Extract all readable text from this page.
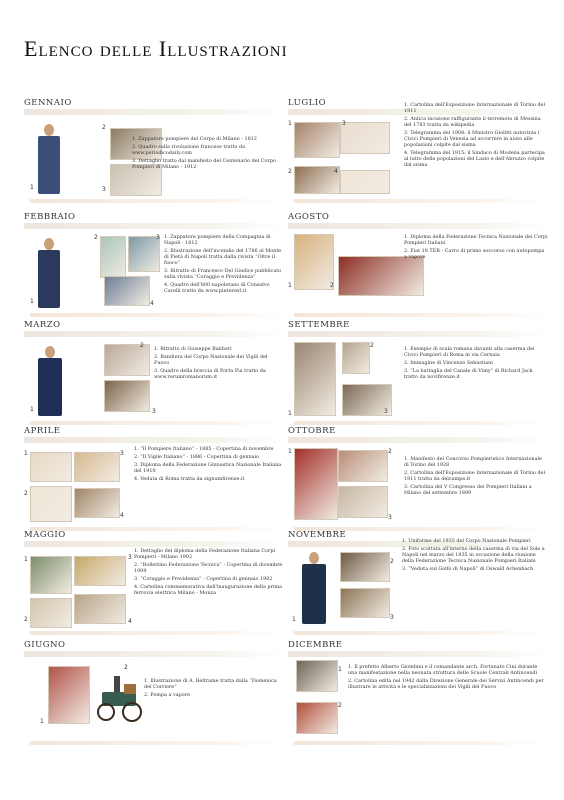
Elenco delle Illustrazioni
GENNAIO
1
2
3

1. Zappatore pompiere del Corpo di Milano - 1812

2. Quadro sulla rivoluzione francese tratto da www.periodicodaily.com

3. Dettaglio tratto dal manifesto del Centenario del Corpo Pompieri di Milano - 1912

LUGLIO
1	3
2	4

1. Cartolina dell'Esposizione Internazionale di Torino del 1911

2. Antica incisione raffigurante il terremoto di Messina del 1783 tratta da wikipedia

3. Telegramma del 1908: il Ministro Giolitti autorizza i Civici Pompieri di Venezia ad accorrere in aiuto alle popolazioni colpite dal sisma

4. Telegramma del 1915: il Sindaco di Modena partecipa al lutto delle popolazioni del Lazio e dell'Abruzzo colpite dal sisma

FEBBRAIO
1
2	3
4

1. Zappatore pompiere della Compagnia di Napoli - 1812

2. Illustrazione dell'incendio del 1786 al Monte di Pietà di Napoli tratta dalla rivista “Oltre il fuoco”

3. Ritratto di Francesco Del Giudice pubblicato sulla rivista “Coraggio e Previdenza”

4. Quadro dell'800 napoletano di Consalvo Carelli tratto da www.pinterest.it

AGOSTO
1	2

1. Diploma della Federazione Tecnica Nazionale dei Corpi Pompieri Italiani

2. Fiat 18 TER - Carro di primo soccorso con autopompa a vapore

MARZO
1
2
3

1. Ritratto di Giuseppe Baldieri

2. Bandiera del Corpo Nazionale dei Vigili del Fuoco

3. Quadro della breccia di Porta Pia tratto da www.rerumromanorum.it

SETTEMBRE
1
2
3

1. Esempio di scala romana davanti alla caserma dei Civici Pompieri di Roma in via Cernaia

2. Immagine di Vincenzo Sebastiani

3. “La battaglia del Canale di Vimy” di Richard Jack tratto da novifirenze.it

APRILE
1
2
3
4

1. “Il Pompiere Italiano” - 1885 - Copertina di novembre

2. “Il Vigile Italiano” - 1886 - Copertina di gennaio

3. Diploma della Federazione Ginnastica Nazionale Italiana del 1910

4. Veduta di Roma tratta da signumfirenze.it

OTTOBRE
1	2
3

1. Manifesto del Concorso Pompieristico Internazionale di Torino del 1928

2. Cartolina dell'Esposizione Internazionale di Torino del 1911 tratta da delcampe.it

3. Cartolina del V Congresso dei Pompieri Italiani a Milano del settembre 1899

MAGGIO
1	3
2	4

1. Dettaglio del diploma della Federazione Italiana Corpi Pompieri - Milano 1902

2. “Bollettino Federazione Tecnica” - Copertina di dicembre 1909

3. “Coraggio e Previdenza” - Copertina di gennaio 1902

4. Cartolina commemorativa dell'inaugurazione della prima ferrovia elettrica Milano - Monza

NOVEMBRE
1
2
3

1. Uniforme del 1935 del Corpo Nazionale Pompieri

2. Foto scattata all'interno della caserma di via del Sole a Napoli nel marzo del 1935 in occasione della riunione della Federazione Tecnica Nazionale Pompieri Italiani

3. “Veduta sul Golfo di Napoli” di Oswald Achenbach

GIUGNO
1
2

1. Illustrazione di A. Beltrame tratta dalla “Domenica del Corriere”

2. Pompa a vapore

DICEMBRE
1
2

1. Il prefetto Alberto Giombini e il comandante arch. Fortunato Cini durante una manifestazione nella neonata struttura delle Scuole Centrali Antincendi

2. Cartolina edita nel 1942 dalla Direzione Generale dei Servizi Antincendi per illustrare le attività e le specializzazioni dei Vigili del Fuoco
